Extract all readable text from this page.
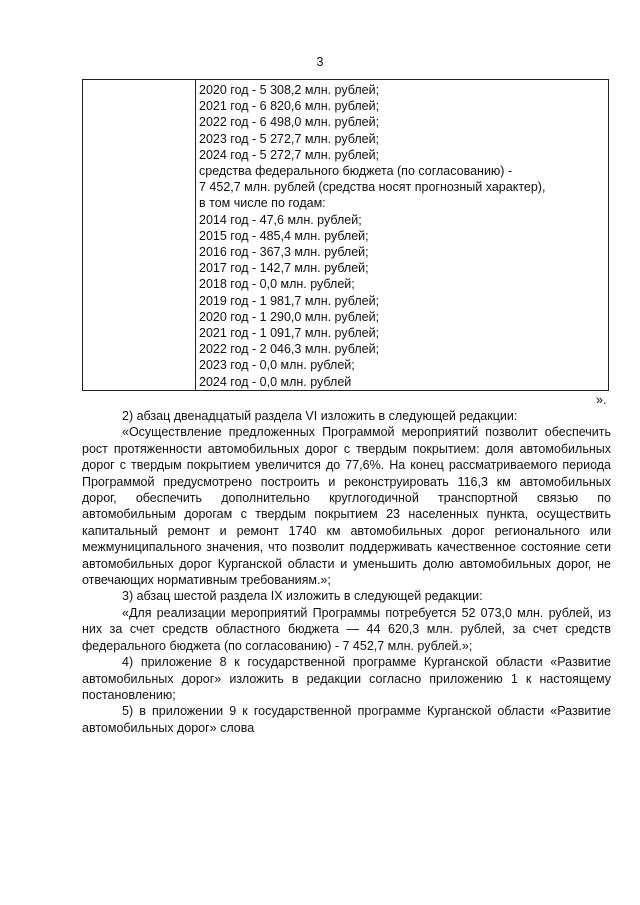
3
2020 год - 5 308,2 млн. рублей;
2021 год - 6 820,6 млн. рублей;
2022 год - 6 498,0 млн. рублей;
2023 год - 5 272,7 млн. рублей;
2024 год - 5 272,7 млн. рублей;
средства федерального бюджета (по согласованию) -
7 452,7 млн. рублей (средства носят прогнозный характер),
в том числе по годам:
2014 год - 47,6 млн. рублей;
2015 год - 485,4 млн. рублей;
2016 год - 367,3 млн. рублей;
2017 год - 142,7 млн. рублей;
2018 год - 0,0 млн. рублей;
2019 год - 1 981,7 млн. рублей;
2020 год - 1 290,0 млн. рублей;
2021 год - 1 091,7 млн. рублей;
2022 год - 2 046,3 млн. рублей;
2023 год - 0,0 млн. рублей;
2024 год - 0,0 млн. рублей
».

2) абзац двенадцатый раздела VI изложить в следующей редакции:

«Осуществление предложенных Программой мероприятий позволит обеспечить рост протяженности автомобильных дорог с твердым покрытием: доля автомобильных дорог с твердым покрытием увеличится до 77,6%. На конец рассматриваемого периода Программой предусмотрено построить и реконструировать 116,3 км автомобильных дорог, обеспечить дополнительно круглогодичной транспортной связью по автомобильным дорогам с твердым покрытием 23 населенных пункта, осуществить капитальный ремонт и ремонт 1740 км автомобильных дорог регионального или межмуниципального значения, что позволит поддерживать качественное состояние сети автомобильных дорог Курганской области и уменьшить долю автомобильных дорог, не отвечающих нормативным требованиям.»;

3) абзац шестой раздела IX изложить в следующей редакции:

«Для реализации мероприятий Программы потребуется 52 073,0 млн. рублей, из них за счет средств областного бюджета — 44 620,3 млн. рублей, за счет средств федерального бюджета (по согласованию) - 7 452,7 млн. рублей.»;

4) приложение 8 к государственной программе Курганской области «Развитие автомобильных дорог» изложить в редакции согласно приложению 1 к настоящему постановлению;

5) в приложении 9 к государственной программе Курганской области «Развитие автомобильных дорог» слова
